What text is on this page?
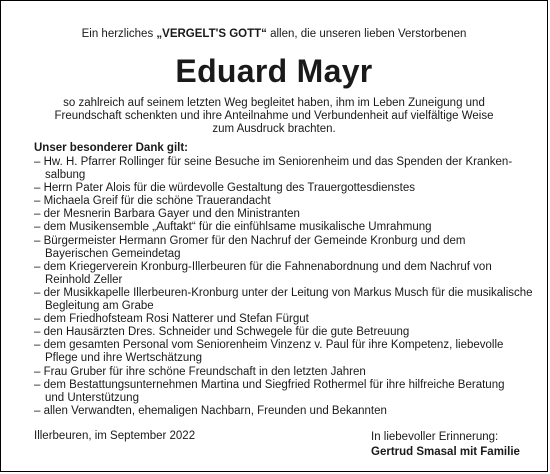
Ein herzliches „VERGELT'S GOTT“ allen, die unseren lieben Verstorbenen
Eduard Mayr
so zahlreich auf seinem letzten Weg begleitet haben, ihm im Leben Zuneigung und
Freundschaft schenkten und ihre Anteilnahme und Verbundenheit auf vielfältige Weise
zum Ausdruck brachten.
Unser besonderer Dank gilt:
– Hw. H. Pfarrer Rollinger für seine Besuche im Seniorenheim und das Spenden der Kranken-
salbung
– Herrn Pater Alois für die würdevolle Gestaltung des Trauergottesdienstes
– Michaela Greif für die schöne Trauerandacht
– der Mesnerin Barbara Gayer und den Ministranten
– dem Musikensemble „Auftakt“ für die einfühlsame musikalische Umrahmung
– Bürgermeister Hermann Gromer für den Nachruf der Gemeinde Kronburg und dem
Bayerischen Gemeindetag
– dem Kriegerverein Kronburg-Illerbeuren für die Fahnenabordnung und dem Nachruf von
Reinhold Zeller
– der Musikkapelle Illerbeuren-Kronburg unter der Leitung von Markus Musch für die musikalische
Begleitung am Grabe
– dem Friedhofsteam Rosi Natterer und Stefan Fürgut
– den Hausärzten Dres. Schneider und Schwegele für die gute Betreuung
– dem gesamten Personal vom Seniorenheim Vinzenz v. Paul für ihre Kompetenz, liebevolle
Pflege und ihre Wertschätzung
– Frau Gruber für ihre schöne Freundschaft in den letzten Jahren
– dem Bestattungsunternehmen Martina und Siegfried Rothermel für ihre hilfreiche Beratung
und Unterstützung
– allen Verwandten, ehemaligen Nachbarn, Freunden und Bekannten
Illerbeuren, im September 2022	In liebevoller Erinnerung:
Gertrud Smasal mit Familie
